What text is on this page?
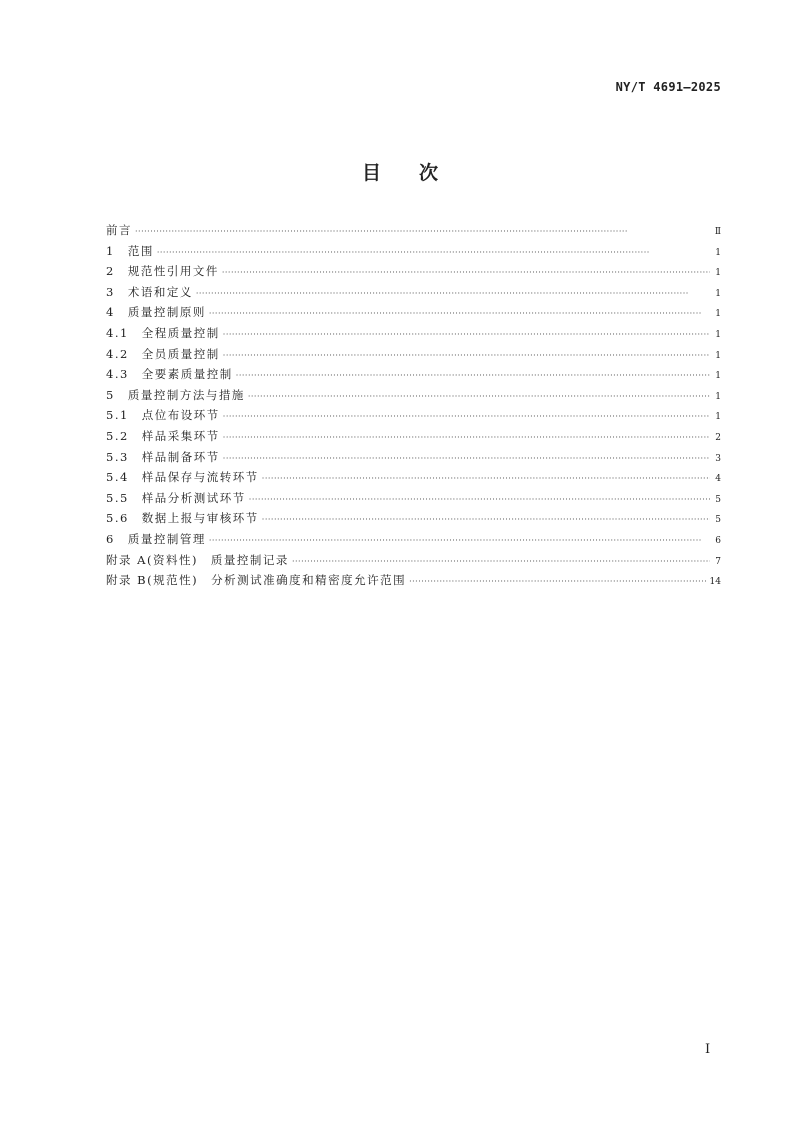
NY/T 4691—2025
目　　次
前言 ·····	Ⅱ
1　范围 ·····	1
2　规范性引用文件 ·····	1
3　术语和定义 ·····	1
4　质量控制原则 ·····	1
4.1　全程质量控制 ·····	1
4.2　全员质量控制 ·····	1
4.3　全要素质量控制 ·····	1
5　质量控制方法与措施 ·····	1
5.1　点位布设环节 ·····	1
5.2　样品采集环节 ·····	2
5.3　样品制备环节 ·····	3
5.4　样品保存与流转环节 ·····	4
5.5　样品分析测试环节 ·····	5
5.6　数据上报与审核环节 ·····	5
6　质量控制管理 ·····	6
附录 A(资料性)　质量控制记录 ·····	7
附录 B(规范性)　分析测试准确度和精密度允许范围 ·····	14
I
